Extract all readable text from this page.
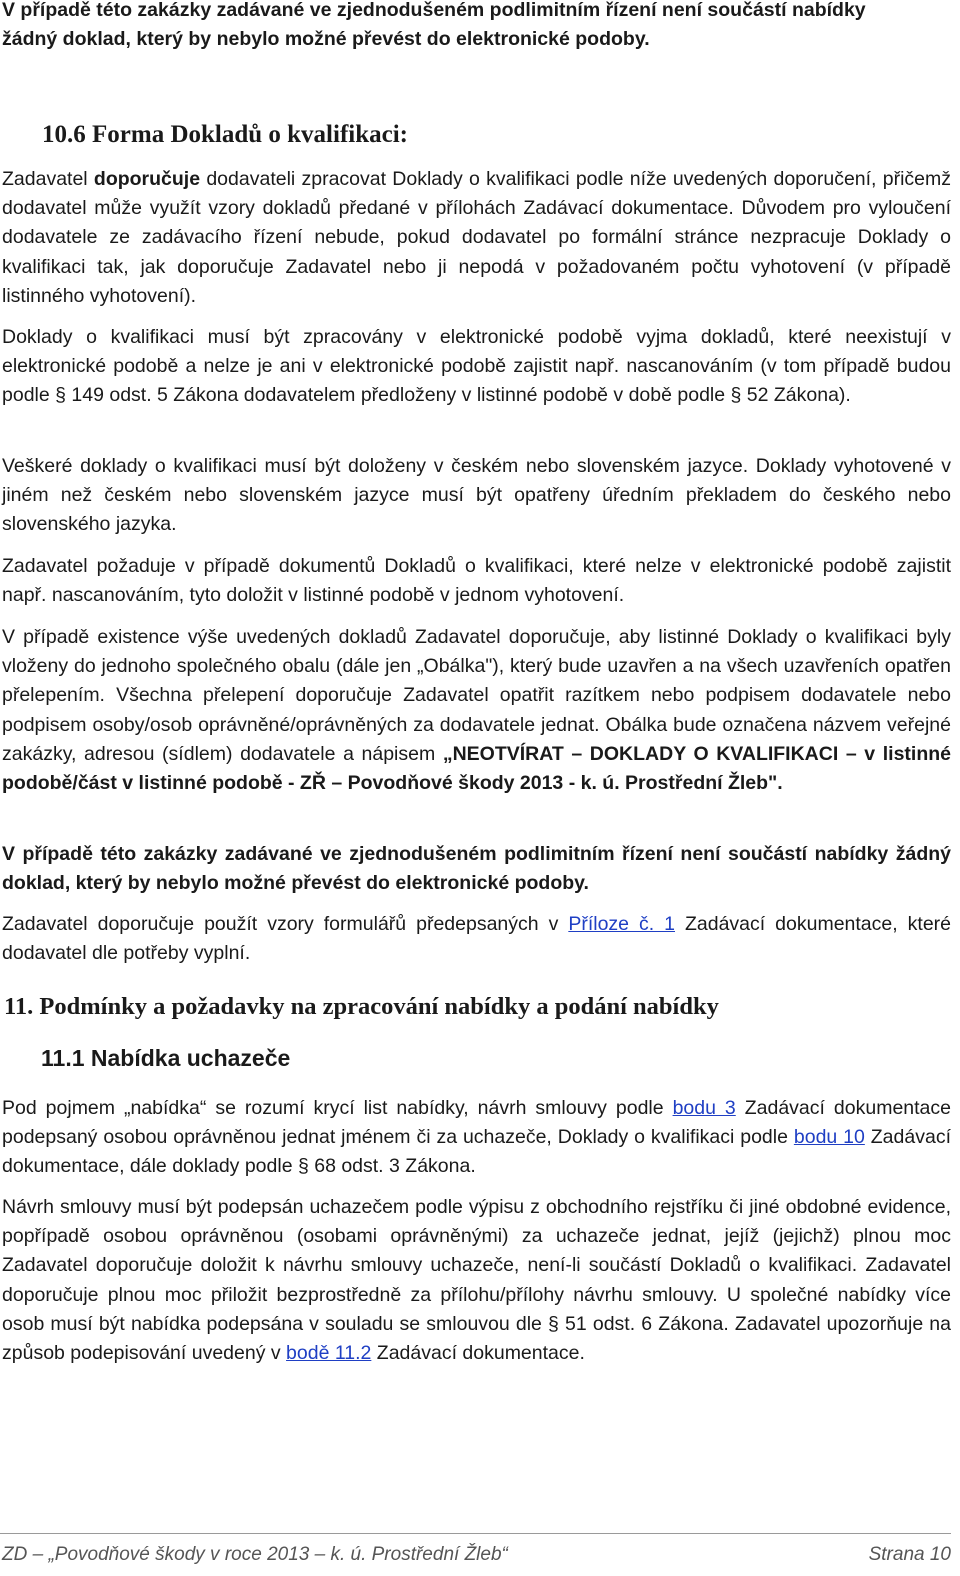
V případě této zakázky zadávané ve zjednodušeném podlimitním řízení není součástí nabídky
žádný doklad, který by nebylo možné převést do elektronické podoby.

10.6 Forma Dokladů o kvalifikaci:

Zadavatel doporučuje dodavateli zpracovat Doklady o kvalifikaci podle níže uvedených doporučení, přičemž dodavatel může využít vzory dokladů předané v přílohách Zadávací dokumentace. Důvodem pro vyloučení dodavatele ze zadávacího řízení nebude, pokud dodavatel po formální stránce nezpracuje Doklady o kvalifikaci tak, jak doporučuje Zadavatel nebo ji nepodá v požadovaném počtu vyhotovení (v případě listinného vyhotovení).

Doklady o kvalifikaci musí být zpracovány v elektronické podobě vyjma dokladů, které neexistují v elektronické podobě a nelze je ani v elektronické podobě zajistit např. nascanováním (v tom případě budou podle § 149 odst. 5 Zákona dodavatelem předloženy v listinné podobě v době podle § 52 Zákona).

Veškeré doklady o kvalifikaci musí být doloženy v českém nebo slovenském jazyce. Doklady vyhotovené v jiném než českém nebo slovenském jazyce musí být opatřeny úředním překladem do českého nebo slovenského jazyka.

Zadavatel požaduje v případě dokumentů Dokladů o kvalifikaci, které nelze v elektronické podobě zajistit např. nascanováním, tyto doložit v listinné podobě v jednom vyhotovení.

V případě existence výše uvedených dokladů Zadavatel doporučuje, aby listinné Doklady o kvalifikaci byly vloženy do jednoho společného obalu (dále jen „Obálka"), který bude uzavřen a na všech uzavřeních opatřen přelepením. Všechna přelepení doporučuje Zadavatel opatřit razítkem nebo podpisem dodavatele nebo podpisem osoby/osob oprávněné/oprávněných za dodavatele jednat. Obálka bude označena názvem veřejné zakázky, adresou (sídlem) dodavatele a nápisem „NEOTVÍRAT – DOKLADY O KVALIFIKACI – v listinné podobě/část v listinné podobě - ZŘ – Povodňové škody 2013 - k. ú. Prostřední Žleb".

V případě této zakázky zadávané ve zjednodušeném podlimitním řízení není součástí nabídky žádný doklad, který by nebylo možné převést do elektronické podoby.

Zadavatel doporučuje použít vzory formulářů předepsaných v Příloze č. 1 Zadávací dokumentace, které dodavatel dle potřeby vyplní.

11. Podmínky a požadavky na zpracování nabídky a podání nabídky
11.1 Nabídka uchazeče

Pod pojmem „nabídka“ se rozumí krycí list nabídky, návrh smlouvy podle bodu 3 Zadávací dokumentace podepsaný osobou oprávněnou jednat jménem či za uchazeče, Doklady o kvalifikaci podle bodu 10 Zadávací dokumentace, dále doklady podle § 68 odst. 3 Zákona.

Návrh smlouvy musí být podepsán uchazečem podle výpisu z obchodního rejstříku či jiné obdobné evidence, popřípadě osobou oprávněnou (osobami oprávněnými) za uchazeče jednat, jejíž (jejichž) plnou moc Zadavatel doporučuje doložit k návrhu smlouvy uchazeče, není-li součástí Dokladů o kvalifikaci. Zadavatel doporučuje plnou moc přiložit bezprostředně za přílohu/přílohy návrhu smlouvy. U společné nabídky více osob musí být nabídka podepsána v souladu se smlouvou dle § 51 odst. 6 Zákona. Zadavatel upozorňuje na způsob podepisování uvedený v bodě 11.2 Zadávací dokumentace.

ZD – „Povodňové škody v roce 2013 – k. ú. Prostřední Žleb“	Strana 10
